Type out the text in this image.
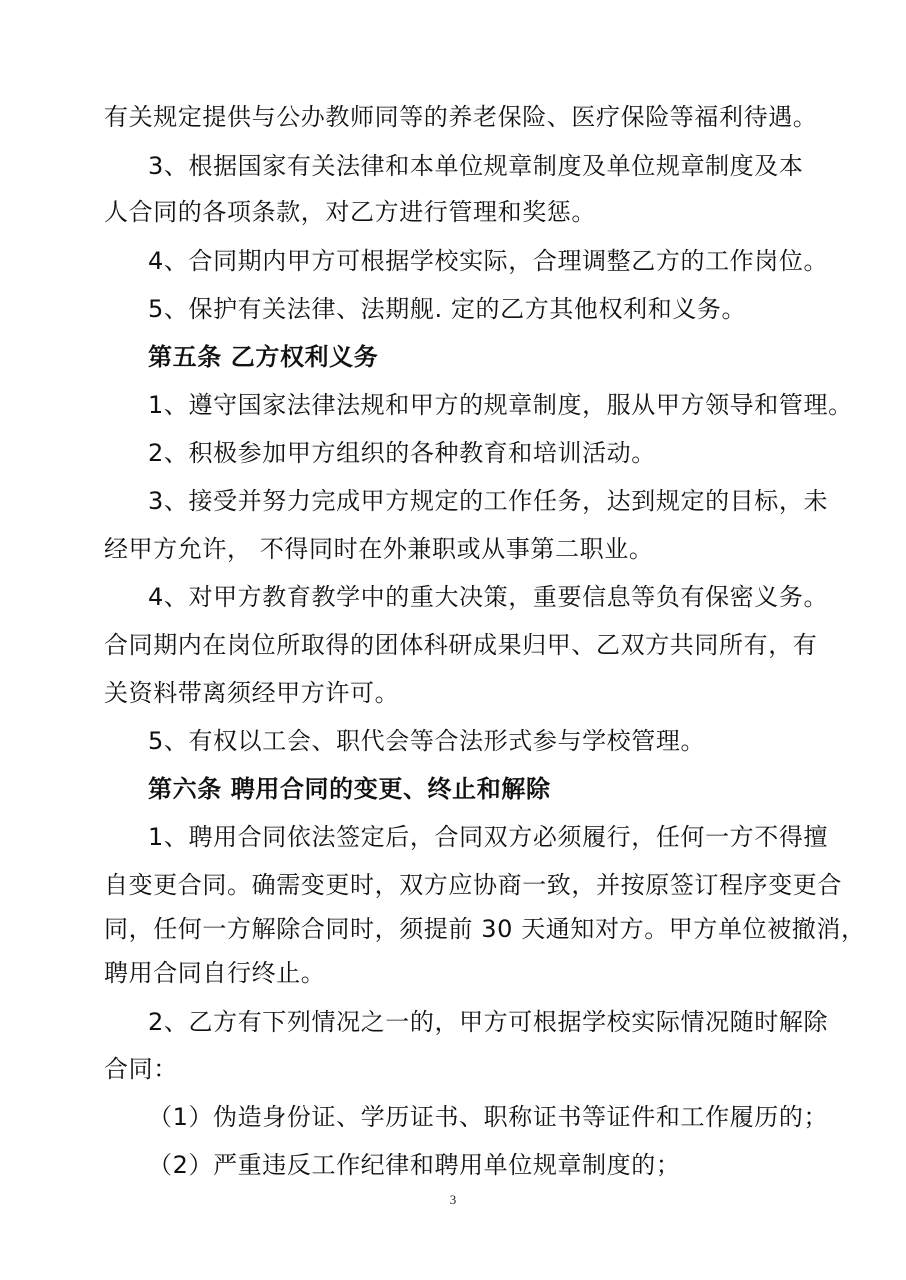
有关规定提供与公办教师同等的养老保险、医疗保险等福利待遇。
3、根据国家有关法律和本单位规章制度及单位规章制度及本
人合同的各项条款，对乙方进行管理和奖惩。
4、合同期内甲方可根据学校实际，合理调整乙方的工作岗位。
5、保护有关法律、法期舰. 定的乙方其他权利和义务。
第五条 乙方权利义务
1、遵守国家法律法规和甲方的规章制度，服从甲方领导和管理。
2、积极参加甲方组织的各种教育和培训活动。
3、接受并努力完成甲方规定的工作任务，达到规定的目标，未
经甲方允许， 不得同时在外兼职或从事第二职业。
4、对甲方教育教学中的重大决策，重要信息等负有保密义务。
合同期内在岗位所取得的团体科研成果归甲、乙双方共同所有，有
关资料带离须经甲方许可。
5、有权以工会、职代会等合法形式参与学校管理。
第六条 聘用合同的变更、终止和解除
1、聘用合同依法签定后，合同双方必须履行，任何一方不得擅
自变更合同。确需变更时，双方应协商一致，并按原签订程序变更合
同，任何一方解除合同时，须提前 30 天通知对方。甲方单位被撤消，
聘用合同自行终止。
2、乙方有下列情况之一的，甲方可根据学校实际情况随时解除
合同：
（1）伪造身份证、学历证书、职称证书等证件和工作履历的；
（2）严重违反工作纪律和聘用单位规章制度的；
3
